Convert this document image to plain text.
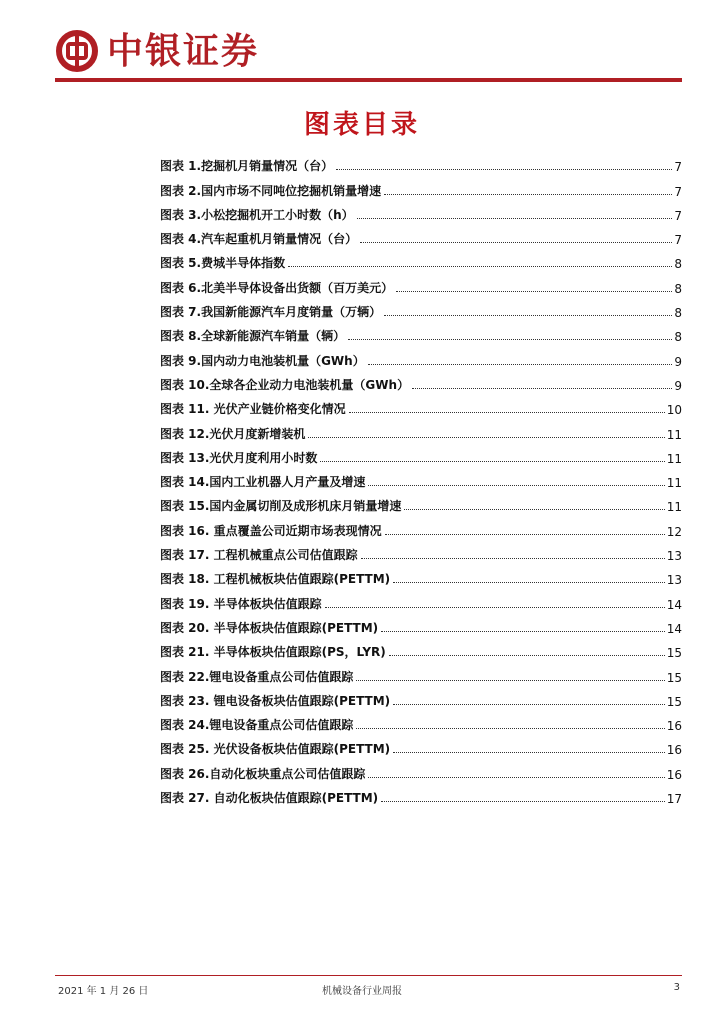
中银证券
图表目录
图表 1.挖掘机月销量情况（台）	7
图表 2.国内市场不同吨位挖掘机销量增速	7
图表 3.小松挖掘机开工小时数（h）	7
图表 4.汽车起重机月销量情况（台）	7
图表 5.费城半导体指数	8
图表 6.北美半导体设备出货额（百万美元）	8
图表 7.我国新能源汽车月度销量（万辆）	8
图表 8.全球新能源汽车销量（辆）	8
图表 9.国内动力电池装机量（GWh）	9
图表 10.全球各企业动力电池装机量（GWh）	9
图表 11. 光伏产业链价格变化情况	10
图表 12.光伏月度新增装机	11
图表 13.光伏月度利用小时数	11
图表 14.国内工业机器人月产量及增速	11
图表 15.国内金属切削及成形机床月销量增速	11
图表 16. 重点覆盖公司近期市场表现情况	12
图表 17. 工程机械重点公司估值跟踪	13
图表 18. 工程机械板块估值跟踪(PETTM)	13
图表 19. 半导体板块估值跟踪	14
图表 20. 半导体板块估值跟踪(PETTM)	14
图表 21. 半导体板块估值跟踪(PS，LYR)	15
图表 22.锂电设备重点公司估值跟踪	15
图表 23. 锂电设备板块估值跟踪(PETTM)	15
图表 24.锂电设备重点公司估值跟踪	16
图表 25. 光伏设备板块估值跟踪(PETTM)	16
图表 26.自动化板块重点公司估值跟踪	16
图表 27. 自动化板块估值跟踪(PETTM)	17
2021 年 1 月 26 日	机械设备行业周报	3
